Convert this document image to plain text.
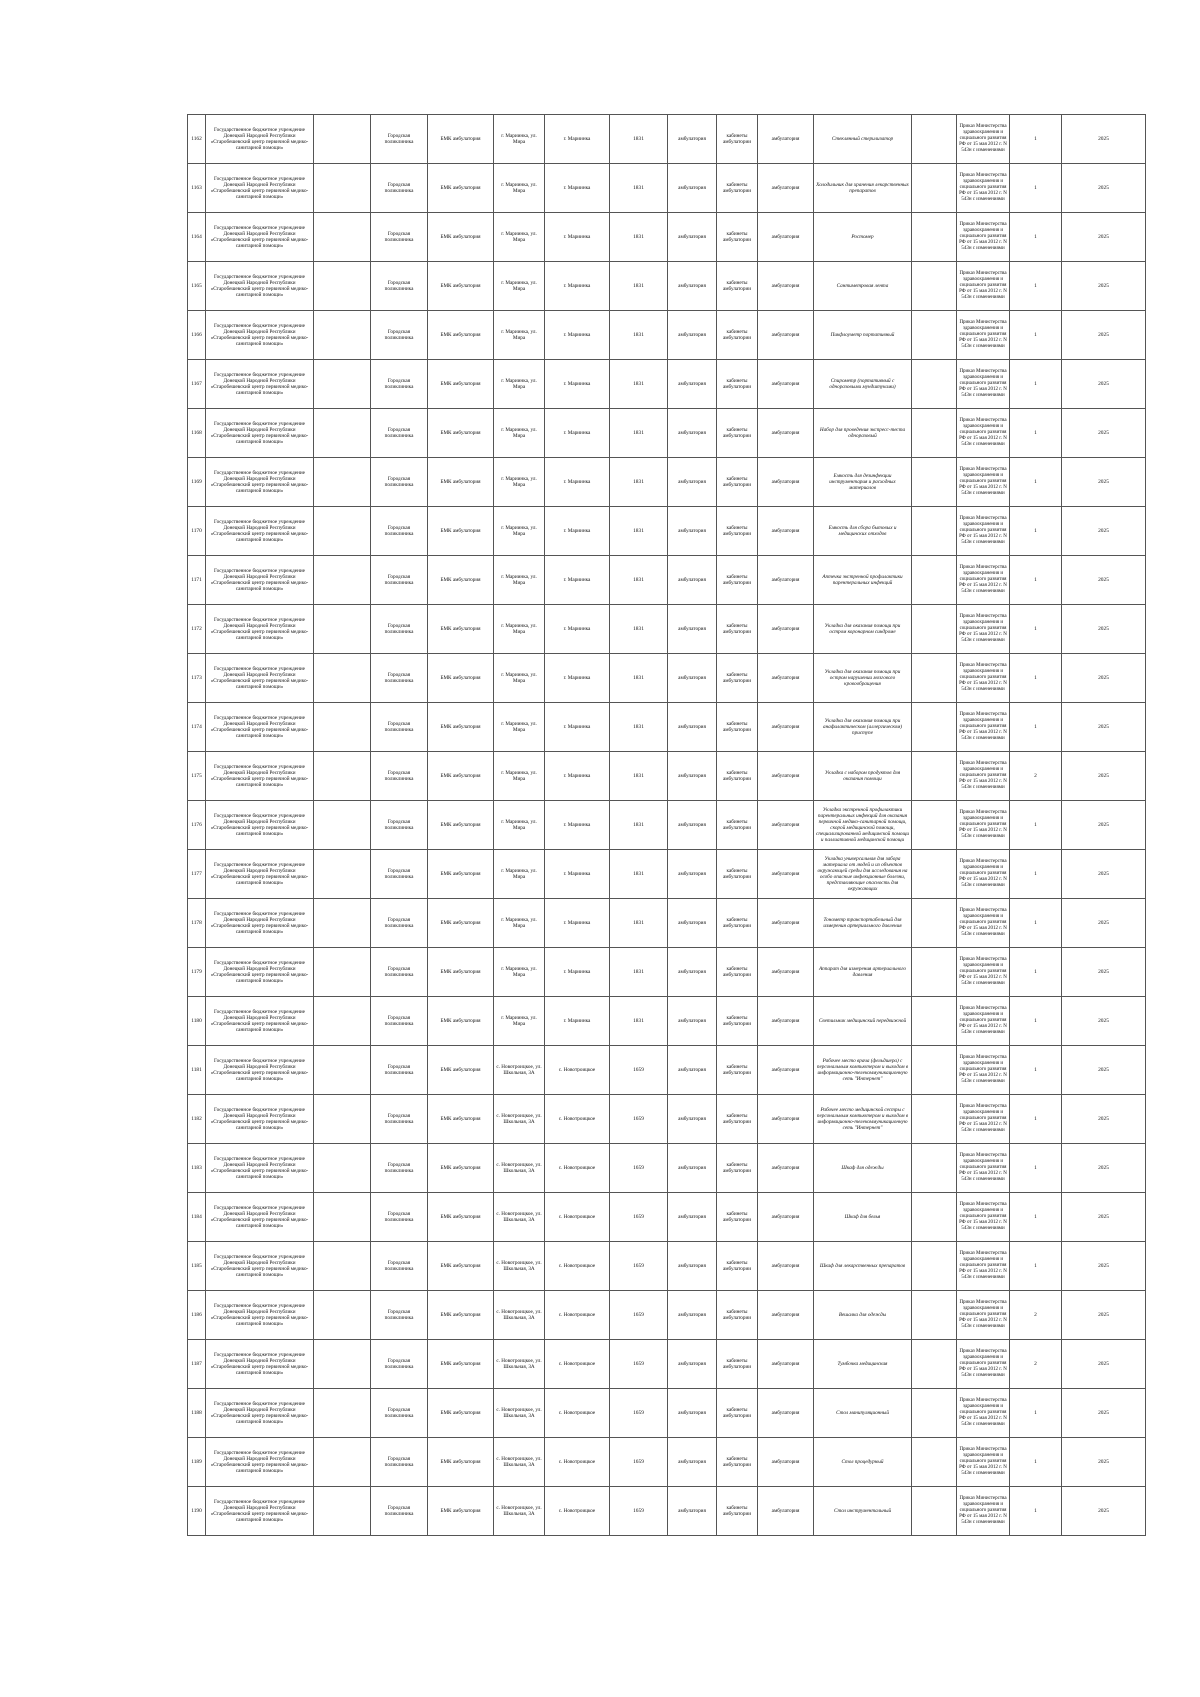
1162	Государственное бюджетное учреждение Донецкой Народной Республики «Старобешевский центр первичной медико-санитарной помощи»		Городская поликлиника	БМК амбулатория	г. Мариинка, ул. Мира	г. Мариинка	1831	амбулатория	кабинеты амбулатории	амбулатория	Стеклянный стерилизатор		Приказ Министерства здравоохранения и социального развития РФ от 15 мая 2012 г. N 543н с изменениями	1	2025
1163	Государственное бюджетное учреждение Донецкой Народной Республики «Старобешевский центр первичной медико-санитарной помощи»		Городская поликлиника	БМК амбулатория	г. Мариинка, ул. Мира	г. Мариинка	1831	амбулатория	кабинеты амбулатории	амбулатория	Холодильник для хранения лекарственных препаратов		Приказ Министерства здравоохранения и социального развития РФ от 15 мая 2012 г. N 543н с изменениями	1	2025
1164	Государственное бюджетное учреждение Донецкой Народной Республики «Старобешевский центр первичной медико-санитарной помощи»		Городская поликлиника	БМК амбулатория	г. Мариинка, ул. Мира	г. Мариинка	1831	амбулатория	кабинеты амбулатории	амбулатория	Ростомер		Приказ Министерства здравоохранения и социального развития РФ от 15 мая 2012 г. N 543н с изменениями	1	2025
1165	Государственное бюджетное учреждение Донецкой Народной Республики «Старобешевский центр первичной медико-санитарной помощи»		Городская поликлиника	БМК амбулатория	г. Мариинка, ул. Мира	г. Мариинка	1831	амбулатория	кабинеты амбулатории	амбулатория	Сантиметровая лента		Приказ Министерства здравоохранения и социального развития РФ от 15 мая 2012 г. N 543н с изменениями	1	2025
1166	Государственное бюджетное учреждение Донецкой Народной Республики «Старобешевский центр первичной медико-санитарной помощи»		Городская поликлиника	БМК амбулатория	г. Мариинка, ул. Мира	г. Мариинка	1831	амбулатория	кабинеты амбулатории	амбулатория	Пикфлоуметр портативный		Приказ Министерства здравоохранения и социального развития РФ от 15 мая 2012 г. N 543н с изменениями	1	2025
1167	Государственное бюджетное учреждение Донецкой Народной Республики «Старобешевский центр первичной медико-санитарной помощи»		Городская поликлиника	БМК амбулатория	г. Мариинка, ул. Мира	г. Мариинка	1831	амбулатория	кабинеты амбулатории	амбулатория	Спирометр (портативный с одноразовыми мундштуками)		Приказ Министерства здравоохранения и социального развития РФ от 15 мая 2012 г. N 543н с изменениями	1	2025
1168	Государственное бюджетное учреждение Донецкой Народной Республики «Старобешевский центр первичной медико-санитарной помощи»		Городская поликлиника	БМК амбулатория	г. Мариинка, ул. Мира	г. Мариинка	1831	амбулатория	кабинеты амбулатории	амбулатория	Набор для проведения экспресс-теста одноразовый		Приказ Министерства здравоохранения и социального развития РФ от 15 мая 2012 г. N 543н с изменениями	1	2025
1169	Государственное бюджетное учреждение Донецкой Народной Республики «Старобешевский центр первичной медико-санитарной помощи»		Городская поликлиника	БМК амбулатория	г. Мариинка, ул. Мира	г. Мариинка	1831	амбулатория	кабинеты амбулатории	амбулатория	Емкость для дезинфекции инструментария и расходных материалов		Приказ Министерства здравоохранения и социального развития РФ от 15 мая 2012 г. N 543н с изменениями	1	2025
1170	Государственное бюджетное учреждение Донецкой Народной Республики «Старобешевский центр первичной медико-санитарной помощи»		Городская поликлиника	БМК амбулатория	г. Мариинка, ул. Мира	г. Мариинка	1831	амбулатория	кабинеты амбулатории	амбулатория	Емкость для сбора бытовых и медицинских отходов		Приказ Министерства здравоохранения и социального развития РФ от 15 мая 2012 г. N 543н с изменениями	1	2025
1171	Государственное бюджетное учреждение Донецкой Народной Республики «Старобешевский центр первичной медико-санитарной помощи»		Городская поликлиника	БМК амбулатория	г. Мариинка, ул. Мира	г. Мариинка	1831	амбулатория	кабинеты амбулатории	амбулатория	Аптечка экстренной профилактики парентеральных инфекций		Приказ Министерства здравоохранения и социального развития РФ от 15 мая 2012 г. N 543н с изменениями	1	2025
1172	Государственное бюджетное учреждение Донецкой Народной Республики «Старобешевский центр первичной медико-санитарной помощи»		Городская поликлиника	БМК амбулатория	г. Мариинка, ул. Мира	г. Мариинка	1831	амбулатория	кабинеты амбулатории	амбулатория	Укладка для оказания помощи при остром коронарном синдроме		Приказ Министерства здравоохранения и социального развития РФ от 15 мая 2012 г. N 543н с изменениями	1	2025
1173	Государственное бюджетное учреждение Донецкой Народной Республики «Старобешевский центр первичной медико-санитарной помощи»		Городская поликлиника	БМК амбулатория	г. Мариинка, ул. Мира	г. Мариинка	1831	амбулатория	кабинеты амбулатории	амбулатория	Укладка для оказания помощи при остром нарушении мозгового кровообращения		Приказ Министерства здравоохранения и социального развития РФ от 15 мая 2012 г. N 543н с изменениями	1	2025
1174	Государственное бюджетное учреждение Донецкой Народной Республики «Старобешевский центр первичной медико-санитарной помощи»		Городская поликлиника	БМК амбулатория	г. Мариинка, ул. Мира	г. Мариинка	1831	амбулатория	кабинеты амбулатории	амбулатория	Укладка для оказания помощи при анафилактическом (аллергическом) приступе		Приказ Министерства здравоохранения и социального развития РФ от 15 мая 2012 г. N 543н с изменениями	1	2025
1175	Государственное бюджетное учреждение Донецкой Народной Республики «Старобешевский центр первичной медико-санитарной помощи»		Городская поликлиника	БМК амбулатория	г. Мариинка, ул. Мира	г. Мариинка	1831	амбулатория	кабинеты амбулатории	амбулатория	Укладка с набором продуктов для оказания помощи		Приказ Министерства здравоохранения и социального развития РФ от 15 мая 2012 г. N 543н с изменениями	2	2025
1176	Государственное бюджетное учреждение Донецкой Народной Республики «Старобешевский центр первичной медико-санитарной помощи»		Городская поликлиника	БМК амбулатория	г. Мариинка, ул. Мира	г. Мариинка	1831	амбулатория	кабинеты амбулатории	амбулатория	Укладка экстренной профилактики парентеральных инфекций для оказания первичной медико-санитарной помощи, скорой медицинской помощи, специализированной медицинской помощи и паллиативной медицинской помощи		Приказ Министерства здравоохранения и социального развития РФ от 15 мая 2012 г. N 543н с изменениями	1	2025
1177	Государственное бюджетное учреждение Донецкой Народной Республики «Старобешевский центр первичной медико-санитарной помощи»		Городская поликлиника	БМК амбулатория	г. Мариинка, ул. Мира	г. Мариинка	1831	амбулатория	кабинеты амбулатории	амбулатория	Укладка универсальная для забора материала от людей и из объектов окружающей среды для исследования на особо опасные инфекционные болезни, представляющие опасность для окружающих		Приказ Министерства здравоохранения и социального развития РФ от 15 мая 2012 г. N 543н с изменениями	1	2025
1178	Государственное бюджетное учреждение Донецкой Народной Республики «Старобешевский центр первичной медико-санитарной помощи»		Городская поликлиника	БМК амбулатория	г. Мариинка, ул. Мира	г. Мариинка	1831	амбулатория	кабинеты амбулатории	амбулатория	Тонометр транспортабельный для измерения артериального давления		Приказ Министерства здравоохранения и социального развития РФ от 15 мая 2012 г. N 543н с изменениями	1	2025
1179	Государственное бюджетное учреждение Донецкой Народной Республики «Старобешевский центр первичной медико-санитарной помощи»		Городская поликлиника	БМК амбулатория	г. Мариинка, ул. Мира	г. Мариинка	1831	амбулатория	кабинеты амбулатории	амбулатория	Аппарат для измерения артериального давления		Приказ Министерства здравоохранения и социального развития РФ от 15 мая 2012 г. N 543н с изменениями	1	2025
1180	Государственное бюджетное учреждение Донецкой Народной Республики «Старобешевский центр первичной медико-санитарной помощи»		Городская поликлиника	БМК амбулатория	г. Мариинка, ул. Мира	г. Мариинка	1831	амбулатория	кабинеты амбулатории	амбулатория	Светильник медицинский передвижной		Приказ Министерства здравоохранения и социального развития РФ от 15 мая 2012 г. N 543н с изменениями	1	2025
1181	Государственное бюджетное учреждение Донецкой Народной Республики «Старобешевский центр первичной медико-санитарной помощи»		Городская поликлиника	БМК амбулатория	с. Новотроицкое, ул. Школьная, 3А	с. Новотроицкое	1659	амбулатория	кабинеты амбулатории	амбулатория	Рабочее место врача (фельдшера) с персональным компьютером и выходом в информационно-телекоммуникационную сеть "Интернет"		Приказ Министерства здравоохранения и социального развития РФ от 15 мая 2012 г. N 543н с изменениями	1	2025
1182	Государственное бюджетное учреждение Донецкой Народной Республики «Старобешевский центр первичной медико-санитарной помощи»		Городская поликлиника	БМК амбулатория	с. Новотроицкое, ул. Школьная, 3А	с. Новотроицкое	1659	амбулатория	кабинеты амбулатории	амбулатория	Рабочее место медицинской сестры с персональным компьютером и выходом в информационно-телекоммуникационную сеть "Интернет"		Приказ Министерства здравоохранения и социального развития РФ от 15 мая 2012 г. N 543н с изменениями	1	2025
1183	Государственное бюджетное учреждение Донецкой Народной Республики «Старобешевский центр первичной медико-санитарной помощи»		Городская поликлиника	БМК амбулатория	с. Новотроицкое, ул. Школьная, 3А	с. Новотроицкое	1659	амбулатория	кабинеты амбулатории	амбулатория	Шкаф для одежды		Приказ Министерства здравоохранения и социального развития РФ от 15 мая 2012 г. N 543н с изменениями	1	2025
1184	Государственное бюджетное учреждение Донецкой Народной Республики «Старобешевский центр первичной медико-санитарной помощи»		Городская поликлиника	БМК амбулатория	с. Новотроицкое, ул. Школьная, 3А	с. Новотроицкое	1659	амбулатория	кабинеты амбулатории	амбулатория	Шкаф для белья		Приказ Министерства здравоохранения и социального развития РФ от 15 мая 2012 г. N 543н с изменениями	1	2025
1185	Государственное бюджетное учреждение Донецкой Народной Республики «Старобешевский центр первичной медико-санитарной помощи»		Городская поликлиника	БМК амбулатория	с. Новотроицкое, ул. Школьная, 3А	с. Новотроицкое	1659	амбулатория	кабинеты амбулатории	амбулатория	Шкаф для лекарственных препаратов		Приказ Министерства здравоохранения и социального развития РФ от 15 мая 2012 г. N 543н с изменениями	1	2025
1186	Государственное бюджетное учреждение Донецкой Народной Республики «Старобешевский центр первичной медико-санитарной помощи»		Городская поликлиника	БМК амбулатория	с. Новотроицкое, ул. Школьная, 3А	с. Новотроицкое	1659	амбулатория	кабинеты амбулатории	амбулатория	Вешалка для одежды		Приказ Министерства здравоохранения и социального развития РФ от 15 мая 2012 г. N 543н с изменениями	2	2025
1187	Государственное бюджетное учреждение Донецкой Народной Республики «Старобешевский центр первичной медико-санитарной помощи»		Городская поликлиника	БМК амбулатория	с. Новотроицкое, ул. Школьная, 3А	с. Новотроицкое	1659	амбулатория	кабинеты амбулатории	амбулатория	Тумбочка медицинская		Приказ Министерства здравоохранения и социального развития РФ от 15 мая 2012 г. N 543н с изменениями	2	2025
1188	Государственное бюджетное учреждение Донецкой Народной Республики «Старобешевский центр первичной медико-санитарной помощи»		Городская поликлиника	БМК амбулатория	с. Новотроицкое, ул. Школьная, 3А	с. Новотроицкое	1659	амбулатория	кабинеты амбулатории	амбулатория	Стол манипуляционный		Приказ Министерства здравоохранения и социального развития РФ от 15 мая 2012 г. N 543н с изменениями	1	2025
1189	Государственное бюджетное учреждение Донецкой Народной Республики «Старобешевский центр первичной медико-санитарной помощи»		Городская поликлиника	БМК амбулатория	с. Новотроицкое, ул. Школьная, 3А	с. Новотроицкое	1659	амбулатория	кабинеты амбулатории	амбулатория	Стол процедурный		Приказ Министерства здравоохранения и социального развития РФ от 15 мая 2012 г. N 543н с изменениями	1	2025
1190	Государственное бюджетное учреждение Донецкой Народной Республики «Старобешевский центр первичной медико-санитарной помощи»		Городская поликлиника	БМК амбулатория	с. Новотроицкое, ул. Школьная, 3А	с. Новотроицкое	1659	амбулатория	кабинеты амбулатории	амбулатория	Стол инструментальный		Приказ Министерства здравоохранения и социального развития РФ от 15 мая 2012 г. N 543н с изменениями	1	2025
